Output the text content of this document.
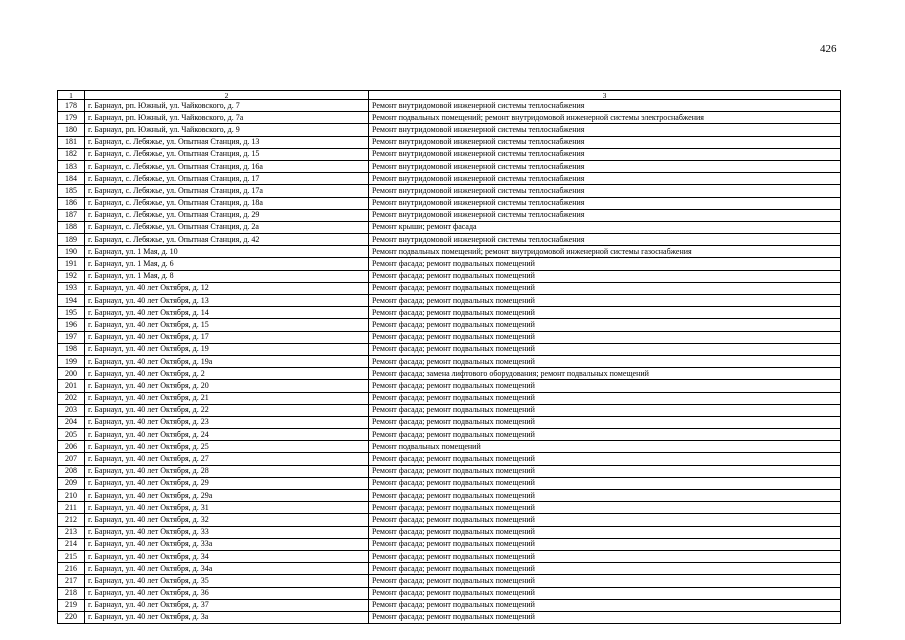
426
1	2	3
178	г. Барнаул, рп. Южный, ул. Чайковского, д. 7	Ремонт внутридомовой инженерной системы теплоснабжения
179	г. Барнаул, рп. Южный, ул. Чайковского, д. 7а	Ремонт подвальных помещений; ремонт внутридомовой инженерной системы электроснабжения
180	г. Барнаул, рп. Южный, ул. Чайковского, д. 9	Ремонт внутридомовой инженерной системы теплоснабжения
181	г. Барнаул, с. Лебяжье, ул. Опытная Станция, д. 13	Ремонт внутридомовой инженерной системы теплоснабжения
182	г. Барнаул, с. Лебяжье, ул. Опытная Станция, д. 15	Ремонт внутридомовой инженерной системы теплоснабжения
183	г. Барнаул, с. Лебяжье, ул. Опытная Станция, д. 16а	Ремонт внутридомовой инженерной системы теплоснабжения
184	г. Барнаул, с. Лебяжье, ул. Опытная Станция, д. 17	Ремонт внутридомовой инженерной системы теплоснабжения
185	г. Барнаул, с. Лебяжье, ул. Опытная Станция, д. 17а	Ремонт внутридомовой инженерной системы теплоснабжения
186	г. Барнаул, с. Лебяжье, ул. Опытная Станция, д. 18а	Ремонт внутридомовой инженерной системы теплоснабжения
187	г. Барнаул, с. Лебяжье, ул. Опытная Станция, д. 29	Ремонт внутридомовой инженерной системы теплоснабжения
188	г. Барнаул, с. Лебяжье, ул. Опытная Станция, д. 2а	Ремонт крыши; ремонт фасада
189	г. Барнаул, с. Лебяжье, ул. Опытная Станция, д. 42	Ремонт внутридомовой инженерной системы теплоснабжения
190	г. Барнаул, ул. 1 Мая, д. 10	Ремонт подвальных помещений; ремонт внутридомовой инженерной системы газоснабжения
191	г. Барнаул, ул. 1 Мая, д. 6	Ремонт фасада; ремонт подвальных помещений
192	г. Барнаул, ул. 1 Мая, д. 8	Ремонт фасада; ремонт подвальных помещений
193	г. Барнаул, ул. 40 лет Октября, д. 12	Ремонт фасада; ремонт подвальных помещений
194	г. Барнаул, ул. 40 лет Октября, д. 13	Ремонт фасада; ремонт подвальных помещений
195	г. Барнаул, ул. 40 лет Октября, д. 14	Ремонт фасада; ремонт подвальных помещений
196	г. Барнаул, ул. 40 лет Октября, д. 15	Ремонт фасада; ремонт подвальных помещений
197	г. Барнаул, ул. 40 лет Октября, д. 17	Ремонт фасада; ремонт подвальных помещений
198	г. Барнаул, ул. 40 лет Октября, д. 19	Ремонт фасада; ремонт подвальных помещений
199	г. Барнаул, ул. 40 лет Октября, д. 19а	Ремонт фасада; ремонт подвальных помещений
200	г. Барнаул, ул. 40 лет Октября, д. 2	Ремонт фасада; замена лифтового оборудования; ремонт подвальных помещений
201	г. Барнаул, ул. 40 лет Октября, д. 20	Ремонт фасада; ремонт подвальных помещений
202	г. Барнаул, ул. 40 лет Октября, д. 21	Ремонт фасада; ремонт подвальных помещений
203	г. Барнаул, ул. 40 лет Октября, д. 22	Ремонт фасада; ремонт подвальных помещений
204	г. Барнаул, ул. 40 лет Октября, д. 23	Ремонт фасада; ремонт подвальных помещений
205	г. Барнаул, ул. 40 лет Октября, д. 24	Ремонт фасада; ремонт подвальных помещений
206	г. Барнаул, ул. 40 лет Октября, д. 25	Ремонт подвальных помещений
207	г. Барнаул, ул. 40 лет Октября, д. 27	Ремонт фасада; ремонт подвальных помещений
208	г. Барнаул, ул. 40 лет Октября, д. 28	Ремонт фасада; ремонт подвальных помещений
209	г. Барнаул, ул. 40 лет Октября, д. 29	Ремонт фасада; ремонт подвальных помещений
210	г. Барнаул, ул. 40 лет Октября, д. 29а	Ремонт фасада; ремонт подвальных помещений
211	г. Барнаул, ул. 40 лет Октября, д. 31	Ремонт фасада; ремонт подвальных помещений
212	г. Барнаул, ул. 40 лет Октября, д. 32	Ремонт фасада; ремонт подвальных помещений
213	г. Барнаул, ул. 40 лет Октября, д. 33	Ремонт фасада; ремонт подвальных помещений
214	г. Барнаул, ул. 40 лет Октября, д. 33а	Ремонт фасада; ремонт подвальных помещений
215	г. Барнаул, ул. 40 лет Октября, д. 34	Ремонт фасада; ремонт подвальных помещений
216	г. Барнаул, ул. 40 лет Октября, д. 34а	Ремонт фасада; ремонт подвальных помещений
217	г. Барнаул, ул. 40 лет Октября, д. 35	Ремонт фасада; ремонт подвальных помещений
218	г. Барнаул, ул. 40 лет Октября, д. 36	Ремонт фасада; ремонт подвальных помещений
219	г. Барнаул, ул. 40 лет Октября, д. 37	Ремонт фасада; ремонт подвальных помещений
220	г. Барнаул, ул. 40 лет Октября, д. 3а	Ремонт фасада; ремонт подвальных помещений
